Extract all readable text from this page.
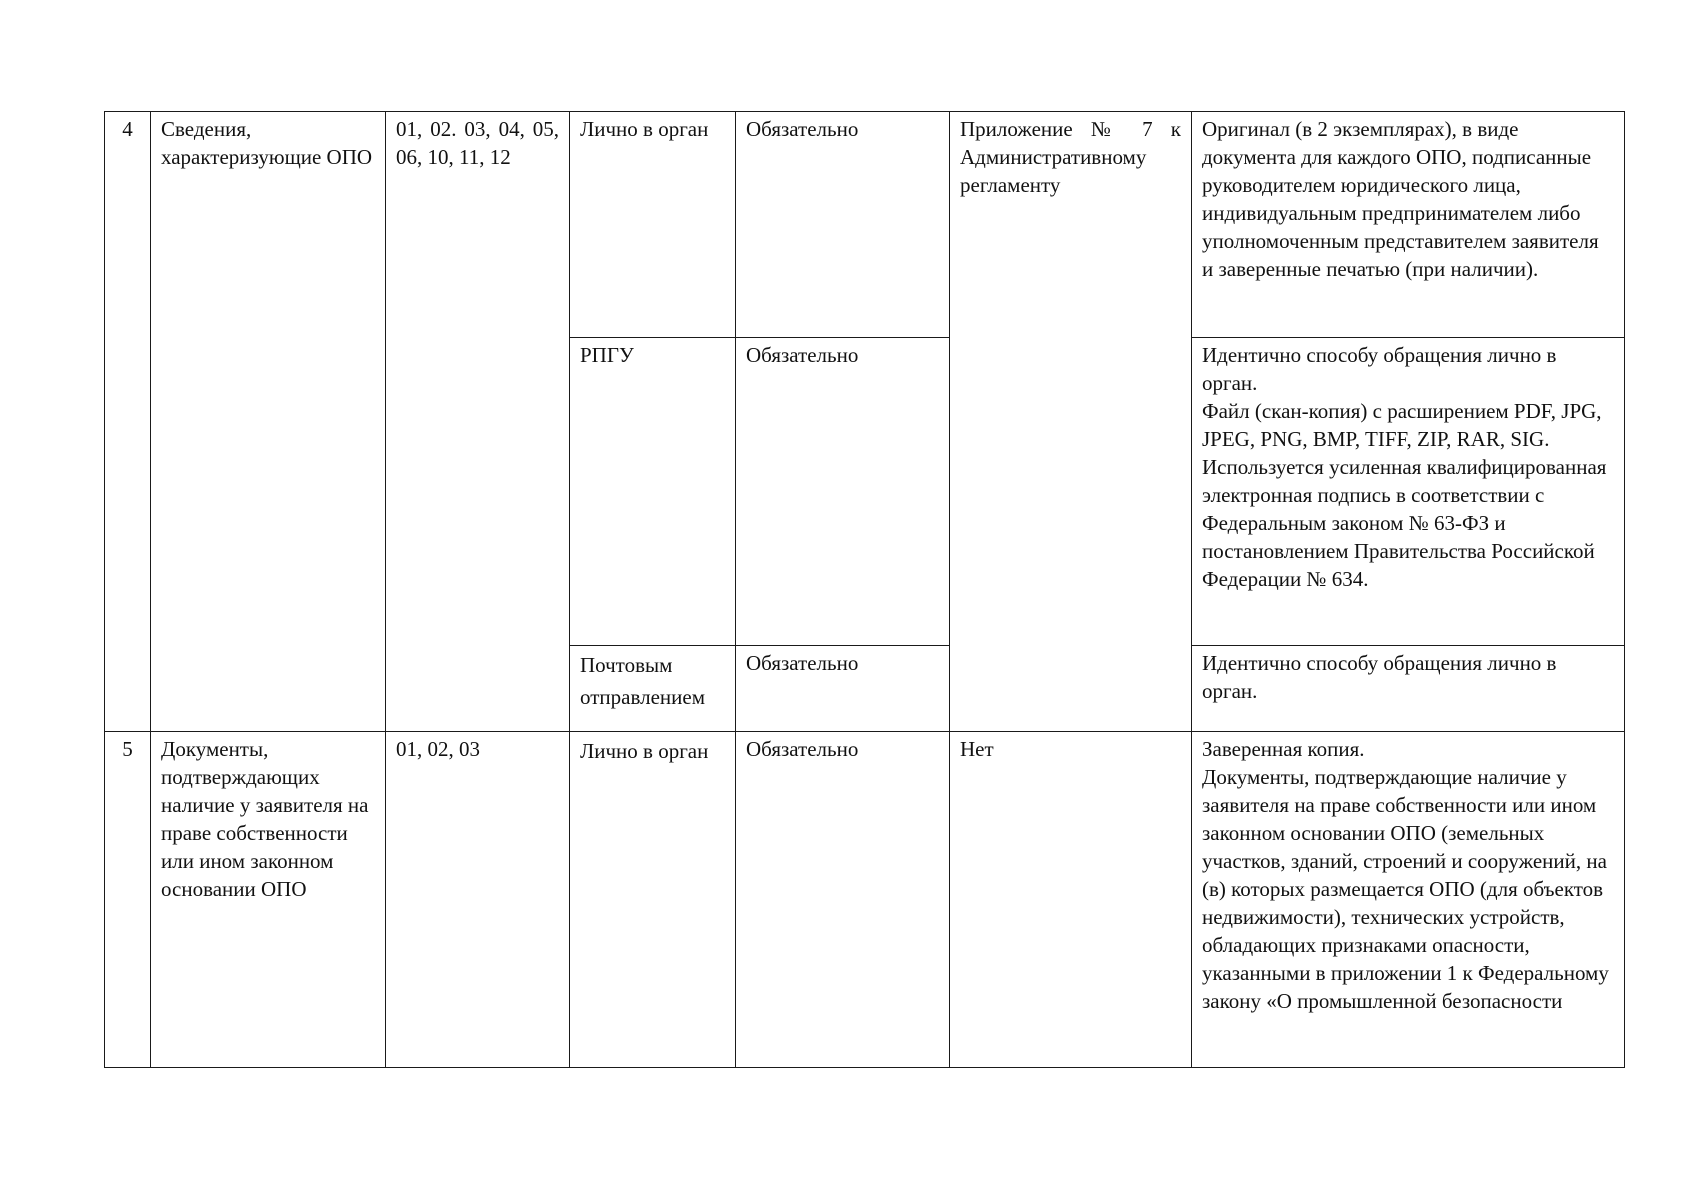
4	Сведения, характеризующие ОПО	01, 02. 03, 04, 05, 06, 10, 11, 12	Лично в орган	Обязательно	Приложение № 7 к Административному регламенту	Оригинал (в 2 экземплярах), в виде документа для каждого ОПО, подписанные руководителем юридического лица, индивидуальным предпринимателем либо уполномоченным представителем заявителя и заверенные печатью (при наличии).
			РПГУ	Обязательно		Идентично способу обращения лично в орган.
Файл (скан-копия) с расширением PDF, JPG, JPEG, PNG, BMP, TIFF, ZIP, RAR, SIG.
Используется усиленная квалифицированная электронная подпись в соответствии с Федеральным законом № 63-ФЗ и постановлением Правительства Российской Федерации № 634.

			Почтовым отправлением	Обязательно		Идентично способу обращения лично в орган.
5	Документы, подтверждающих наличие у заявителя на праве собственности или ином законном основании ОПО	01, 02, 03	Лично в орган	Обязательно	Нет	Заверенная копия.
Документы, подтверждающие наличие у заявителя на праве собственности или ином законном основании ОПО (земельных участков, зданий, строений и сооружений, на (в) которых размещается ОПО (для объектов недвижимости), технических устройств, обладающих признаками опасности, указанными в приложении 1 к Федеральному закону «О промышленной безопасности
